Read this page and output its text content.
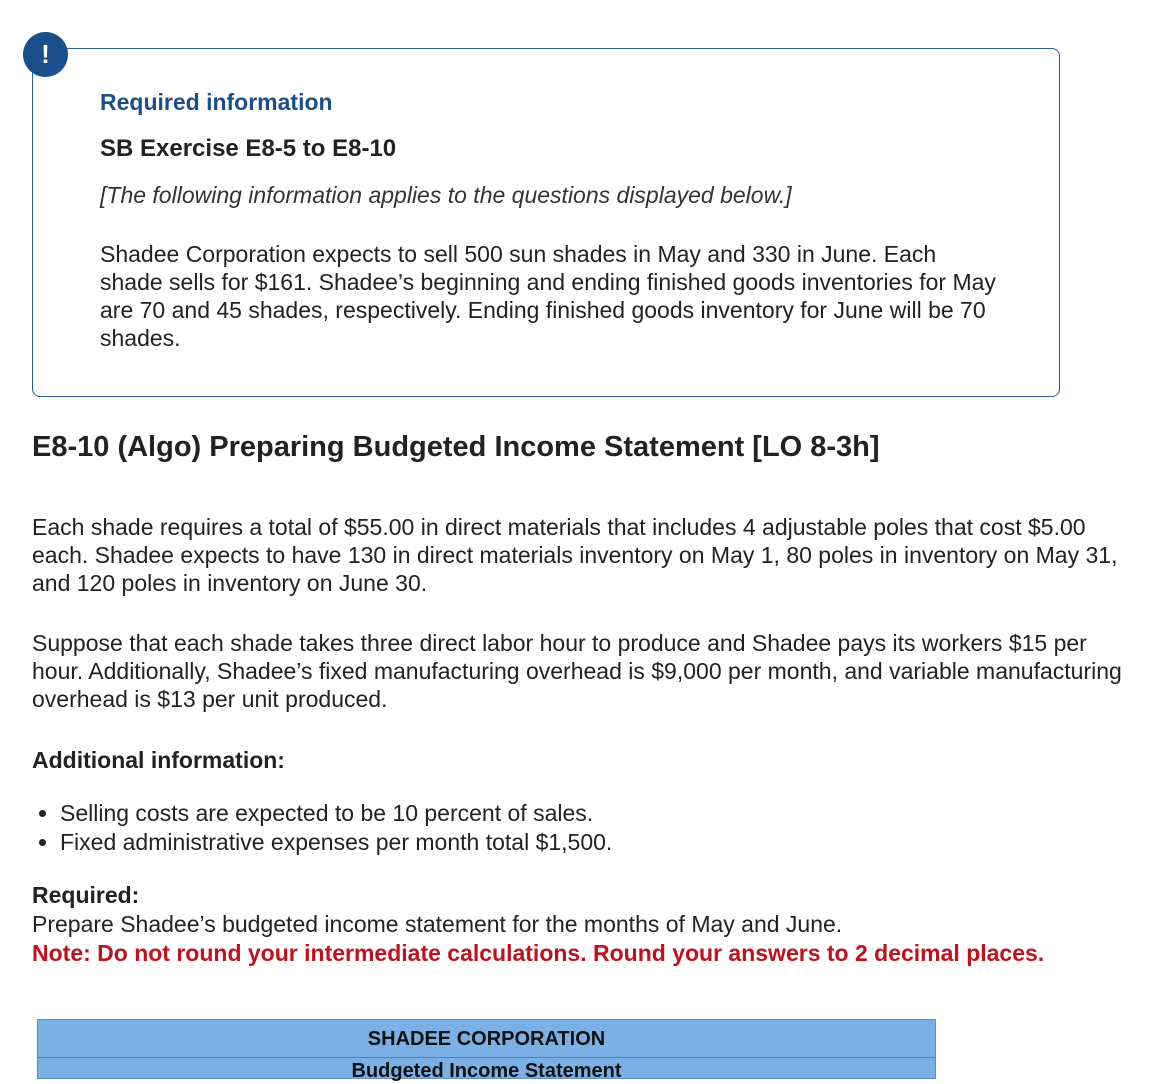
!

Required information

SB Exercise E8-5 to E8-10

[The following information applies to the questions displayed below.]

Shadee Corporation expects to sell 500 sun shades in May and 330 in June. Each shade sells for $161. Shadee’s beginning and ending finished goods inventories for May are 70 and 45 shades, respectively. Ending finished goods inventory for June will be 70 shades.

E8-10 (Algo) Preparing Budgeted Income Statement [LO 8-3h]

Each shade requires a total of $55.00 in direct materials that includes 4 adjustable poles that cost $5.00 each. Shadee expects to have 130 in direct materials inventory on May 1, 80 poles in inventory on May 31, and 120 poles in inventory on June 30.

Suppose that each shade takes three direct labor hour to produce and Shadee pays its workers $15 per hour. Additionally, Shadee’s fixed manufacturing overhead is $9,000 per month, and variable manufacturing overhead is $13 per unit produced.

Additional information:

• Selling costs are expected to be 10 percent of sales.
• Fixed administrative expenses per month total $1,500.

Required:

Prepare Shadee’s budgeted income statement for the months of May and June.

Note: Do not round your intermediate calculations. Round your answers to 2 decimal places.

SHADEE CORPORATION
Budgeted Income Statement
